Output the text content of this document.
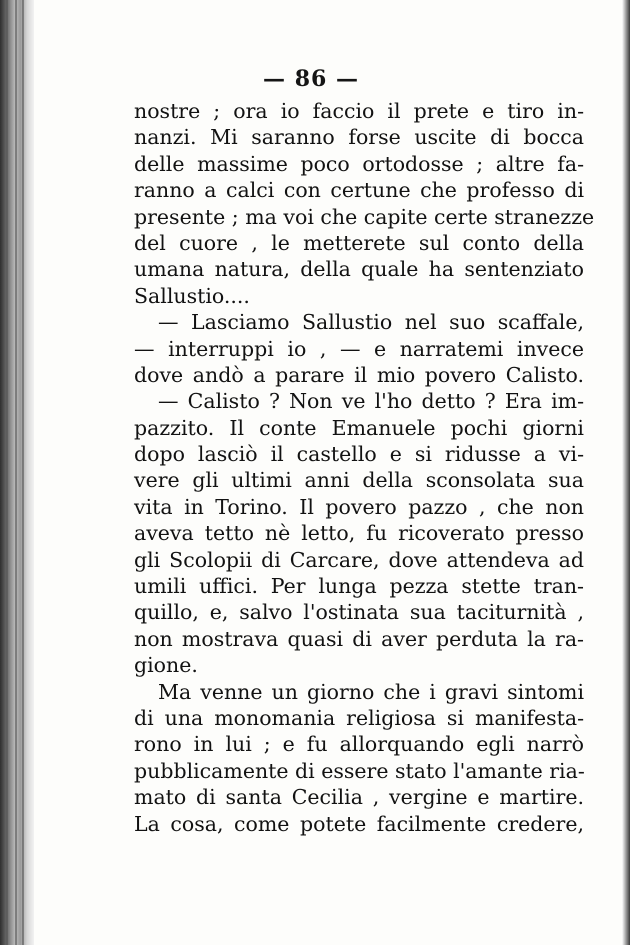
— 86 —
nostre ; ora io faccio il prete e tiro in-
nanzi. Mi saranno forse uscite di bocca
delle massime poco ortodosse ; altre fa-
ranno a calci con certune che professo di
presente ; ma voi che capite certe stranezze
del cuore , le metterete sul conto della
umana natura, della quale ha sentenziato
Sallustio....
— Lasciamo Sallustio nel suo scaffale,
— interruppi io , — e narratemi invece
dove andò a parare il mio povero Calisto.
— Calisto ? Non ve l'ho detto ? Era im-
pazzito. Il conte Emanuele pochi giorni
dopo lasciò il castello e si ridusse a vi-
vere gli ultimi anni della sconsolata sua
vita in Torino. Il povero pazzo , che non
aveva tetto nè letto, fu ricoverato presso
gli Scolopii di Carcare, dove attendeva ad
umili uffici. Per lunga pezza stette tran-
quillo, e, salvo l'ostinata sua taciturnità ,
non mostrava quasi di aver perduta la ra-
gione.
Ma venne un giorno che i gravi sintomi
di una monomania religiosa si manifesta-
rono in lui ; e fu allorquando egli narrò
pubblicamente di essere stato l'amante ria-
mato di santa Cecilia , vergine e martire.
La cosa, come potete facilmente credere,
